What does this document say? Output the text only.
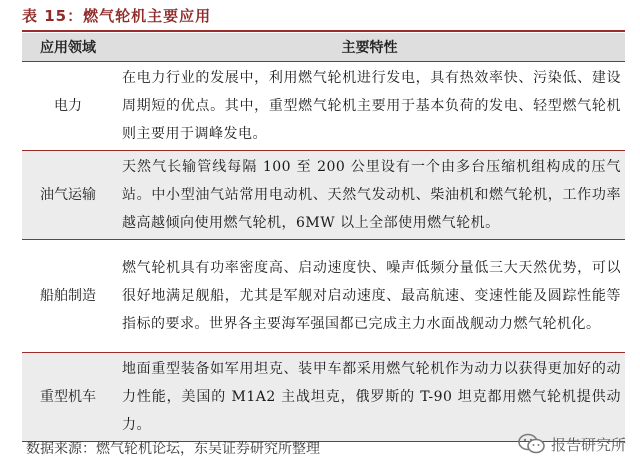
表 15：燃气轮机主要应用
应用领域	主要特性
电力	在电力行业的发展中，利用燃气轮机进行发电，具有热效率快、污染低、建设周期短的优点。其中，重型燃气轮机主要用于基本负荷的发电、轻型燃气轮机则主要用于调峰发电。
油气运输	天然气长输管线每隔 100 至 200 公里设有一个由多台压缩机组构成的压气站。中小型油气站常用电动机、天然气发动机、柴油机和燃气轮机，工作功率越高越倾向使用燃气轮机，6MW 以上全部使用燃气轮机。
船舶制造	燃气轮机具有功率密度高、启动速度快、噪声低频分量低三大天然优势，可以很好地满足舰船，尤其是军舰对启动速度、最高航速、变速性能及圆踪性能等指标的要求。世界各主要海军强国都已完成主力水面战舰动力燃气轮机化。
重型机车	地面重型装备如军用坦克、装甲车都采用燃气轮机作为动力以获得更加好的动力性能，美国的 M1A2 主战坦克，俄罗斯的 T-90 坦克都用燃气轮机提供动力。
数据来源：燃气轮机论坛，东吴证券研究所整理	报告研究所
